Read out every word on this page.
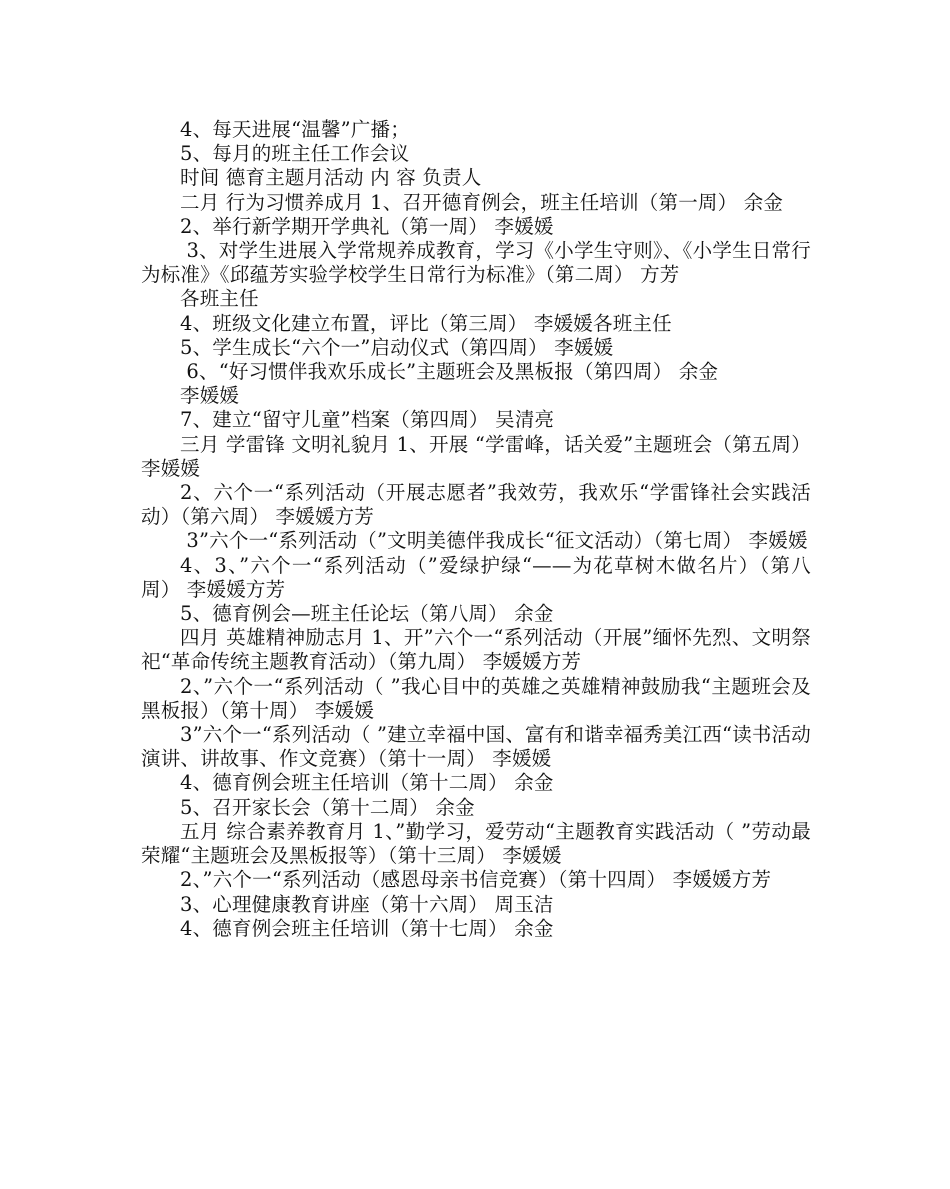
4、每天进展“温馨”广播；

5、每月的班主任工作会议

时间 德育主题月活动 内 容 负责人

二月 行为习惯养成月 1、召开德育例会，班主任培训（第一周） 余金

2、举行新学期开学典礼（第一周） 李媛媛

3、对学生进展入学常规养成教育，学习《小学生守则》、《小学生日常行为标准》《邱蕴芳实验学校学生日常行为标准》（第二周） 方芳

各班主任

4、班级文化建立布置，评比（第三周） 李媛媛各班主任

5、学生成长“六个一”启动仪式（第四周） 李媛媛

6、“好习惯伴我欢乐成长”主题班会及黑板报（第四周） 余金

李媛媛

7、建立“留守儿童”档案（第四周） 吴清亮

三月 学雷锋 文明礼貌月 1、开展 “学雷峰，话关爱”主题班会（第五周） 李媛媛

2、六个一“系列活动（开展志愿者”我效劳，我欢乐“学雷锋社会实践活动）（第六周） 李媛媛方芳

3”六个一“系列活动（”文明美德伴我成长“征文活动）（第七周） 李媛媛

4、3、”六个一“系列活动（”爱绿护绿“——为花草树木做名片）（第八周） 李媛媛方芳

5、德育例会—班主任论坛（第八周） 余金

四月 英雄精神励志月 1、开”六个一“系列活动（开展”缅怀先烈、文明祭祀“革命传统主题教育活动）（第九周） 李媛媛方芳

2、”六个一“系列活动（ ”我心目中的英雄之英雄精神鼓励我“主题班会及黑板报）（第十周） 李媛媛

3”六个一“系列活动（ ”建立幸福中国、富有和谐幸福秀美江西“读书活动演讲、讲故事、作文竞赛）（第十一周） 李媛媛

4、德育例会班主任培训（第十二周） 余金

5、召开家长会（第十二周） 余金

五月 综合素养教育月 1、”勤学习，爱劳动“主题教育实践活动（ ”劳动最荣耀“主题班会及黑板报等）（第十三周） 李媛媛

2、”六个一“系列活动（感恩母亲书信竞赛）（第十四周） 李媛媛方芳

3、心理健康教育讲座（第十六周） 周玉洁

4、德育例会班主任培训（第十七周） 余金
